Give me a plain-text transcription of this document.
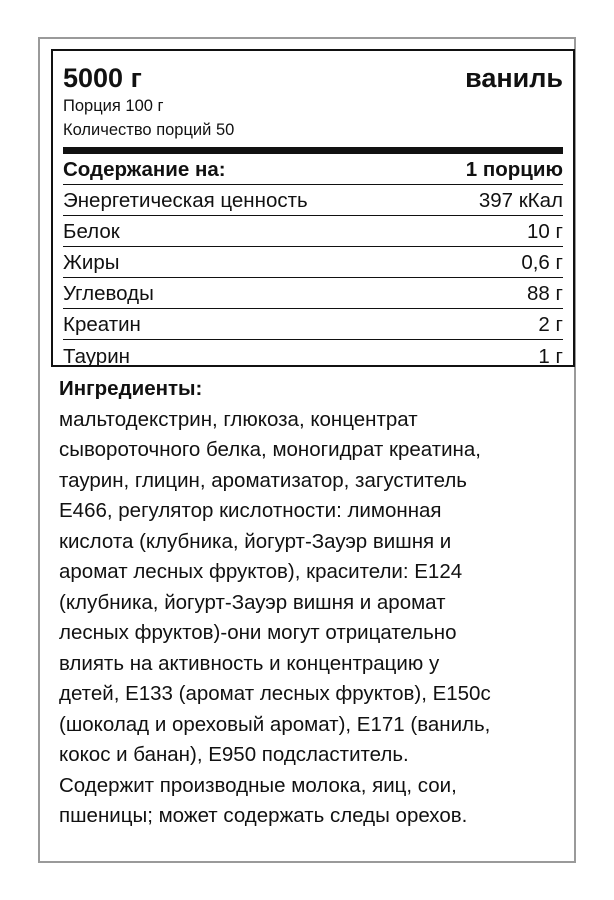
5000 г	ваниль
Порция 100 г
Количество порций 50
Содержание на:	1 порцию
Энергетическая ценность	397 кКал
Белок	10 г
Жиры	0,6 г
Углеводы	88 г
Креатин	2 г
Таурин	1 г
Ингредиенты:
мальтодекстрин, глюкоза, концентрат
сывороточного белка, моногидрат креатина,
таурин, глицин, ароматизатор, загуститель
Е466, регулятор кислотности: лимонная
кислота (клубника, йогурт-Зауэр вишня и
аромат лесных фруктов), красители: Е124
(клубника, йогурт-Зауэр вишня и аромат
лесных фруктов)-они могут отрицательно
влиять на активность и концентрацию у
детей, Е133 (аромат лесных фруктов), Е150с
(шоколад и ореховый аромат), Е171 (ваниль,
кокос и банан), Е950 подсластитель.
Содержит производные молока, яиц, сои,
пшеницы; может содержать следы орехов.
